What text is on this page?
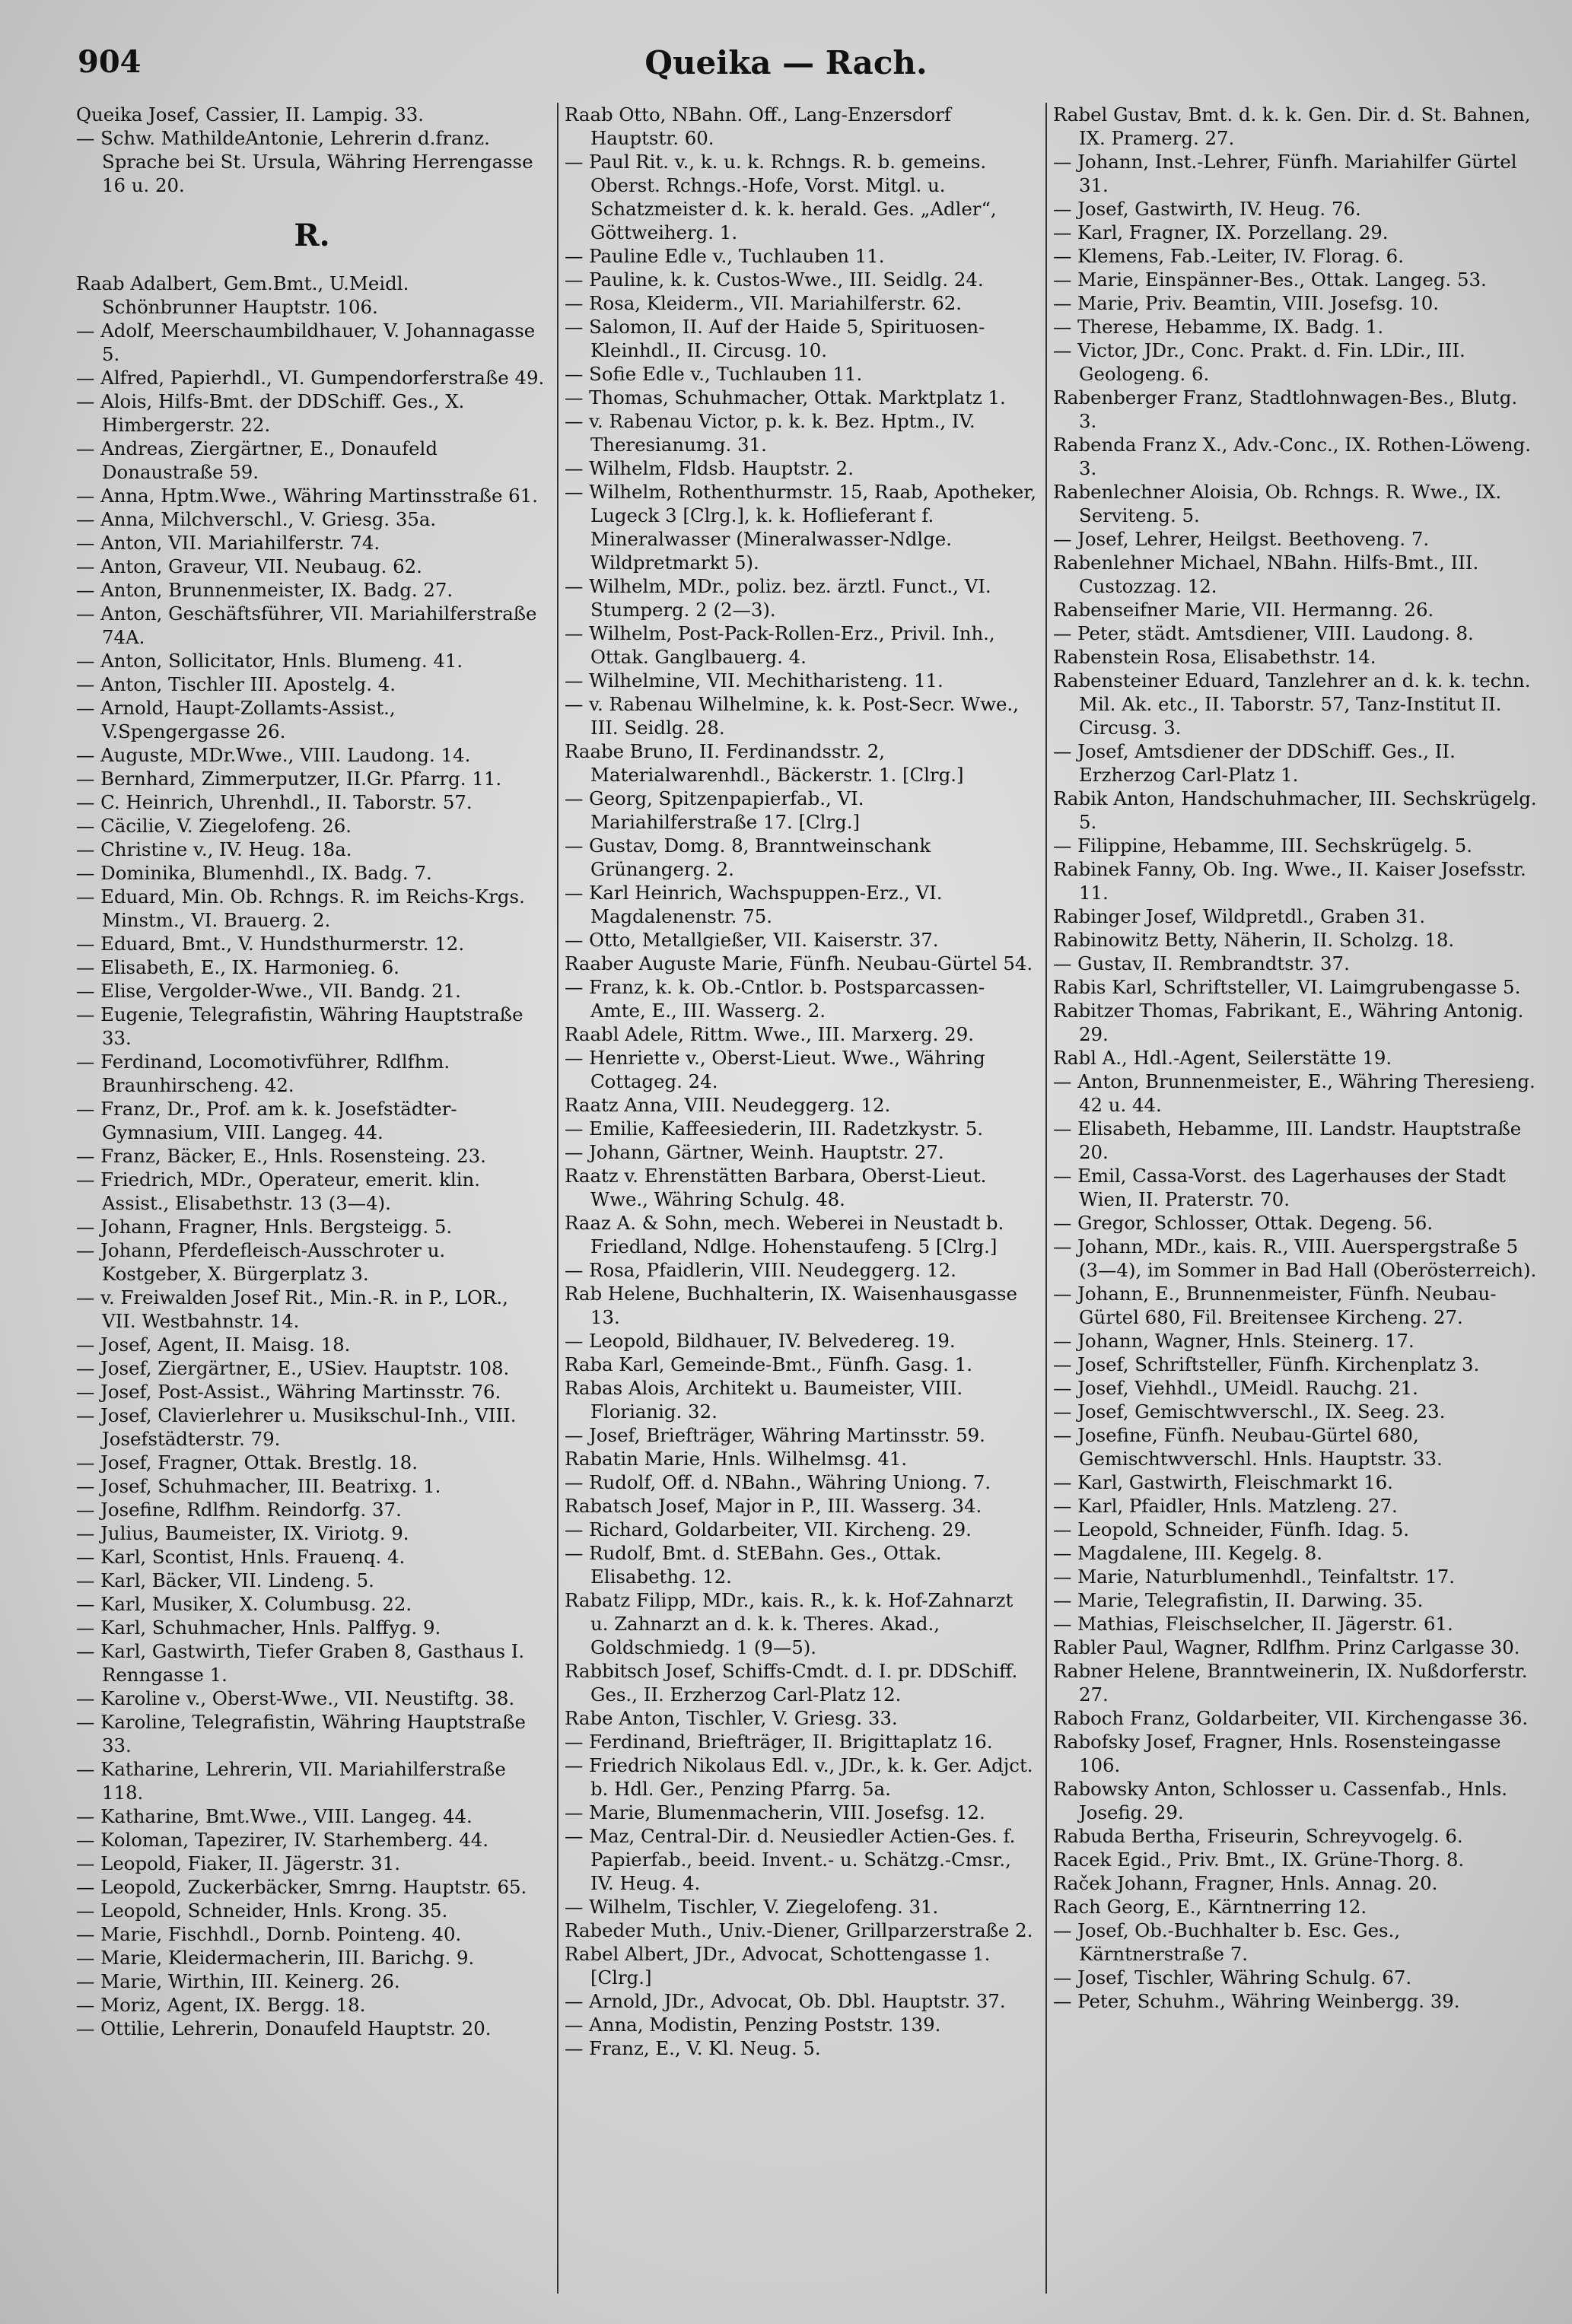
Queika — Rach.
904
Queika Josef, Cassier, II. Lampig. 33.
— Schw. MathildeAntonie, Lehrerin d.franz. Sprache bei St. Ursula, Währing Herrengasse 16 u. 20.
R.
Raab Adalbert, Gem.Bmt., U.Meidl. Schönbrunner Hauptstr. 106.
— Adolf, Meerschaumbildhauer, V. Johannagasse 5.
— Alfred, Papierhdl., VI. Gumpendorferstraße 49.
— Alois, Hilfs-Bmt. der DDSchiff. Ges., X. Himbergerstr. 22.
— Andreas, Ziergärtner, E., Donaufeld Donaustraße 59.
— Anna, Hptm.Wwe., Währing Martinsstraße 61.
— Anna, Milchverschl., V. Griesg. 35a.
— Anton, VII. Mariahilferstr. 74.
— Anton, Graveur, VII. Neubaug. 62.
— Anton, Brunnenmeister, IX. Badg. 27.
— Anton, Geschäftsführer, VII. Mariahilferstraße 74A.
— Anton, Sollicitator, Hnls. Blumeng. 41.
— Anton, Tischler III. Apostelg. 4.
— Arnold, Haupt-Zollamts-Assist., V.Spengergasse 26.
— Auguste, MDr.Wwe., VIII. Laudong. 14.
— Bernhard, Zimmerputzer, II.Gr. Pfarrg. 11.
— C. Heinrich, Uhrenhdl., II. Taborstr. 57.
— Cäcilie, V. Ziegelofeng. 26.
— Christine v., IV. Heug. 18a.
— Dominika, Blumenhdl., IX. Badg. 7.
— Eduard, Min. Ob. Rchngs. R. im Reichs-Krgs. Minstm., VI. Brauerg. 2.
— Eduard, Bmt., V. Hundsthurmerstr. 12.
— Elisabeth, E., IX. Harmonieg. 6.
— Elise, Vergolder-Wwe., VII. Bandg. 21.
— Eugenie, Telegrafistin, Währing Hauptstraße 33.
— Ferdinand, Locomotivführer, Rdlfhm. Braunhirscheng. 42.
— Franz, Dr., Prof. am k. k. Josefstädter-Gymnasium, VIII. Langeg. 44.
— Franz, Bäcker, E., Hnls. Rosensteing. 23.
— Friedrich, MDr., Operateur, emerit. klin. Assist., Elisabethstr. 13 (3—4).
— Johann, Fragner, Hnls. Bergsteigg. 5.
— Johann, Pferdefleisch-Ausschroter u. Kostgeber, X. Bürgerplatz 3.
— v. Freiwalden Josef Rit., Min.-R. in P., LOR., VII. Westbahnstr. 14.
— Josef, Agent, II. Maisg. 18.
— Josef, Ziergärtner, E., USiev. Hauptstr. 108.
— Josef, Post-Assist., Währing Martinsstr. 76.
— Josef, Clavierlehrer u. Musikschul-Inh., VIII. Josefstädterstr. 79.
— Josef, Fragner, Ottak. Brestlg. 18.
— Josef, Schuhmacher, III. Beatrixg. 1.
— Josefine, Rdlfhm. Reindorfg. 37.
— Julius, Baumeister, IX. Viriotg. 9.
— Karl, Scontist, Hnls. Frauenq. 4.
— Karl, Bäcker, VII. Lindeng. 5.
— Karl, Musiker, X. Columbusg. 22.
— Karl, Schuhmacher, Hnls. Palffyg. 9.
— Karl, Gastwirth, Tiefer Graben 8, Gasthaus I. Renngasse 1.
— Karoline v., Oberst-Wwe., VII. Neustiftg. 38.
— Karoline, Telegrafistin, Währing Hauptstraße 33.
— Katharine, Lehrerin, VII. Mariahilferstraße 118.
— Katharine, Bmt.Wwe., VIII. Langeg. 44.
— Koloman, Tapezirer, IV. Starhemberg. 44.
— Leopold, Fiaker, II. Jägerstr. 31.
— Leopold, Zuckerbäcker, Smrng. Hauptstr. 65.
— Leopold, Schneider, Hnls. Krong. 35.
— Marie, Fischhdl., Dornb. Pointeng. 40.
— Marie, Kleidermacherin, III. Barichg. 9.
— Marie, Wirthin, III. Keinerg. 26.
— Moriz, Agent, IX. Bergg. 18.
— Ottilie, Lehrerin, Donaufeld Hauptstr. 20.
Raab Otto, NBahn. Off., Lang-Enzersdorf Hauptstr. 60.
— Paul Rit. v., k. u. k. Rchngs. R. b. gemeins. Oberst. Rchngs.-Hofe, Vorst. Mitgl. u. Schatzmeister d. k. k. herald. Ges. „Adler“, Göttweiherg. 1.
— Pauline Edle v., Tuchlauben 11.
— Pauline, k. k. Custos-Wwe., III. Seidlg. 24.
— Rosa, Kleiderm., VII. Mariahilferstr. 62.
— Salomon, II. Auf der Haide 5, Spirituosen-Kleinhdl., II. Circusg. 10.
— Sofie Edle v., Tuchlauben 11.
— Thomas, Schuhmacher, Ottak. Marktplatz 1.
— v. Rabenau Victor, p. k. k. Bez. Hptm., IV. Theresianumg. 31.
— Wilhelm, Fldsb. Hauptstr. 2.
— Wilhelm, Rothenthurmstr. 15, Raab, Apotheker, Lugeck 3 [Clrg.], k. k. Hoflieferant f. Mineralwasser (Mineralwasser-Ndlge. Wildpretmarkt 5).
— Wilhelm, MDr., poliz. bez. ärztl. Funct., VI. Stumperg. 2 (2—3).
— Wilhelm, Post-Pack-Rollen-Erz., Privil. Inh., Ottak. Ganglbauerg. 4.
— Wilhelmine, VII. Mechitharisteng. 11.
— v. Rabenau Wilhelmine, k. k. Post-Secr. Wwe., III. Seidlg. 28.
Raabe Bruno, II. Ferdinandsstr. 2, Materialwarenhdl., Bäckerstr. 1. [Clrg.]
— Georg, Spitzenpapierfab., VI. Mariahilferstraße 17. [Clrg.]
— Gustav, Domg. 8, Branntweinschank Grünangerg. 2.
— Karl Heinrich, Wachspuppen-Erz., VI. Magdalenenstr. 75.
— Otto, Metallgießer, VII. Kaiserstr. 37.
Raaber Auguste Marie, Fünfh. Neubau-Gürtel 54.
— Franz, k. k. Ob.-Cntlor. b. Postsparcassen-Amte, E., III. Wasserg. 2.
Raabl Adele, Rittm. Wwe., III. Marxerg. 29.
— Henriette v., Oberst-Lieut. Wwe., Währing Cottageg. 24.
Raatz Anna, VIII. Neudeggerg. 12.
— Emilie, Kaffeesiederin, III. Radetzkystr. 5.
— Johann, Gärtner, Weinh. Hauptstr. 27.
Raatz v. Ehrenstätten Barbara, Oberst-Lieut. Wwe., Währing Schulg. 48.
Raaz A. & Sohn, mech. Weberei in Neustadt b. Friedland, Ndlge. Hohenstaufeng. 5 [Clrg.]
— Rosa, Pfaidlerin, VIII. Neudeggerg. 12.
Rab Helene, Buchhalterin, IX. Waisenhausgasse 13.
— Leopold, Bildhauer, IV. Belvedereg. 19.
Raba Karl, Gemeinde-Bmt., Fünfh. Gasg. 1.
Rabas Alois, Architekt u. Baumeister, VIII. Florianig. 32.
— Josef, Briefträger, Währing Martinsstr. 59.
Rabatin Marie, Hnls. Wilhelmsg. 41.
— Rudolf, Off. d. NBahn., Währing Uniong. 7.
Rabatsch Josef, Major in P., III. Wasserg. 34.
— Richard, Goldarbeiter, VII. Kircheng. 29.
— Rudolf, Bmt. d. StEBahn. Ges., Ottak. Elisabethg. 12.
Rabatz Filipp, MDr., kais. R., k. k. Hof-Zahnarzt u. Zahnarzt an d. k. k. Theres. Akad., Goldschmiedg. 1 (9—5).
Rabbitsch Josef, Schiffs-Cmdt. d. I. pr. DDSchiff. Ges., II. Erzherzog Carl-Platz 12.
Rabe Anton, Tischler, V. Griesg. 33.
— Ferdinand, Briefträger, II. Brigittaplatz 16.
— Friedrich Nikolaus Edl. v., JDr., k. k. Ger. Adjct. b. Hdl. Ger., Penzing Pfarrg. 5a.
— Marie, Blumenmacherin, VIII. Josefsg. 12.
— Maz, Central-Dir. d. Neusiedler Actien-Ges. f. Papierfab., beeid. Invent.- u. Schätzg.-Cmsr., IV. Heug. 4.
— Wilhelm, Tischler, V. Ziegelofeng. 31.
Rabeder Muth., Univ.-Diener, Grillparzerstraße 2.
Rabel Albert, JDr., Advocat, Schottengasse 1. [Clrg.]
— Arnold, JDr., Advocat, Ob. Dbl. Hauptstr. 37.
— Anna, Modistin, Penzing Poststr. 139.
— Franz, E., V. Kl. Neug. 5.
Rabel Gustav, Bmt. d. k. k. Gen. Dir. d. St. Bahnen, IX. Pramerg. 27.
— Johann, Inst.-Lehrer, Fünfh. Mariahilfer Gürtel 31.
— Josef, Gastwirth, IV. Heug. 76.
— Karl, Fragner, IX. Porzellang. 29.
— Klemens, Fab.-Leiter, IV. Florag. 6.
— Marie, Einspänner-Bes., Ottak. Langeg. 53.
— Marie, Priv. Beamtin, VIII. Josefsg. 10.
— Therese, Hebamme, IX. Badg. 1.
— Victor, JDr., Conc. Prakt. d. Fin. LDir., III. Geologeng. 6.
Rabenberger Franz, Stadtlohnwagen-Bes., Blutg. 3.
Rabenda Franz X., Adv.-Conc., IX. Rothen-Löweng. 3.
Rabenlechner Aloisia, Ob. Rchngs. R. Wwe., IX. Serviteng. 5.
— Josef, Lehrer, Heilgst. Beethoveng. 7.
Rabenlehner Michael, NBahn. Hilfs-Bmt., III. Custozzag. 12.
Rabenseifner Marie, VII. Hermanng. 26.
— Peter, städt. Amtsdiener, VIII. Laudong. 8.
Rabenstein Rosa, Elisabethstr. 14.
Rabensteiner Eduard, Tanzlehrer an d. k. k. techn. Mil. Ak. etc., II. Taborstr. 57, Tanz-Institut II. Circusg. 3.
— Josef, Amtsdiener der DDSchiff. Ges., II. Erzherzog Carl-Platz 1.
Rabik Anton, Handschuhmacher, III. Sechskrügelg. 5.
— Filippine, Hebamme, III. Sechskrügelg. 5.
Rabinek Fanny, Ob. Ing. Wwe., II. Kaiser Josefsstr. 11.
Rabinger Josef, Wildpretdl., Graben 31.
Rabinowitz Betty, Näherin, II. Scholzg. 18.
— Gustav, II. Rembrandtstr. 37.
Rabis Karl, Schriftsteller, VI. Laimgrubengasse 5.
Rabitzer Thomas, Fabrikant, E., Währing Antonig. 29.
Rabl A., Hdl.-Agent, Seilerstätte 19.
— Anton, Brunnenmeister, E., Währing Theresieng. 42 u. 44.
— Elisabeth, Hebamme, III. Landstr. Hauptstraße 20.
— Emil, Cassa-Vorst. des Lagerhauses der Stadt Wien, II. Praterstr. 70.
— Gregor, Schlosser, Ottak. Degeng. 56.
— Johann, MDr., kais. R., VIII. Auerspergstraße 5 (3—4), im Sommer in Bad Hall (Oberösterreich).
— Johann, E., Brunnenmeister, Fünfh. Neubau-Gürtel 680, Fil. Breitensee Kircheng. 27.
— Johann, Wagner, Hnls. Steinerg. 17.
— Josef, Schriftsteller, Fünfh. Kirchenplatz 3.
— Josef, Viehhdl., UMeidl. Rauchg. 21.
— Josef, Gemischtwverschl., IX. Seeg. 23.
— Josefine, Fünfh. Neubau-Gürtel 680, Gemischtwverschl. Hnls. Hauptstr. 33.
— Karl, Gastwirth, Fleischmarkt 16.
— Karl, Pfaidler, Hnls. Matzleng. 27.
— Leopold, Schneider, Fünfh. Idag. 5.
— Magdalene, III. Kegelg. 8.
— Marie, Naturblumenhdl., Teinfaltstr. 17.
— Marie, Telegrafistin, II. Darwing. 35.
— Mathias, Fleischselcher, II. Jägerstr. 61.
Rabler Paul, Wagner, Rdlfhm. Prinz Carlgasse 30.
Rabner Helene, Branntweinerin, IX. Nußdorferstr. 27.
Raboch Franz, Goldarbeiter, VII. Kirchengasse 36.
Rabofsky Josef, Fragner, Hnls. Rosensteingasse 106.
Rabowsky Anton, Schlosser u. Cassenfab., Hnls. Josefig. 29.
Rabuda Bertha, Friseurin, Schreyvogelg. 6.
Racek Egid., Priv. Bmt., IX. Grüne-Thorg. 8.
Raček Johann, Fragner, Hnls. Annag. 20.
Rach Georg, E., Kärntnerring 12.
— Josef, Ob.-Buchhalter b. Esc. Ges., Kärntnerstraße 7.
— Josef, Tischler, Währing Schulg. 67.
— Peter, Schuhm., Währing Weinbergg. 39.
